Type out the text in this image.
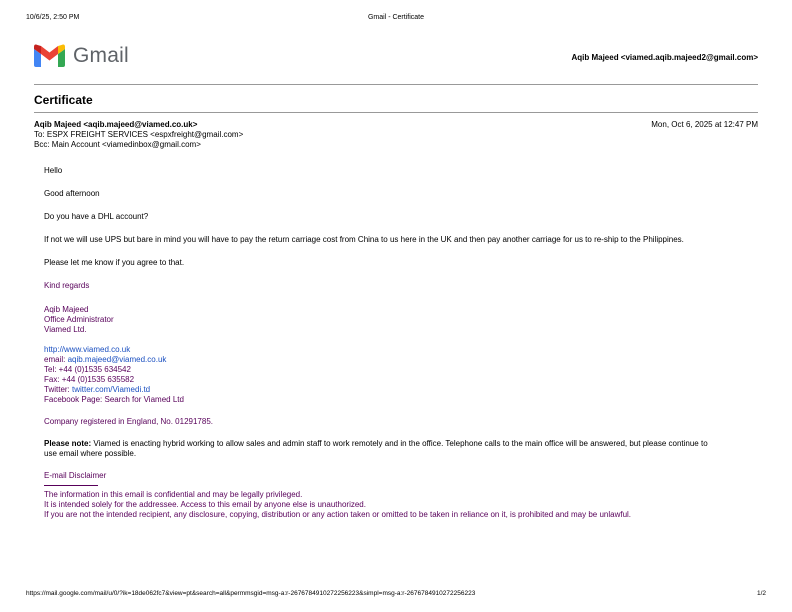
10/6/25, 2:50 PM	Gmail - Certificate
Gmail	Aqib Majeed <viamed.aqib.majeed2@gmail.com>
Certificate
Aqib Majeed <aqib.majeed@viamed.co.uk>	Mon, Oct 6, 2025 at 12:47 PM
To: ESPX FREIGHT SERVICES <espxfreight@gmail.com>
Bcc: Main Account <viamedinbox@gmail.com>

Hello

Good afternoon

Do you have a DHL account?

If not we will use UPS but bare in mind you will have to pay the return carriage cost from China to us here in the UK and then pay another carriage for us to re-ship to the Philippines.

Please let me know if you agree to that.

Kind regards

Aqib Majeed

Office Administrator

Viamed Ltd.

http://www.viamed.co.uk

email: aqib.majeed@viamed.co.uk

Tel: +44 (0)1535 634542

Fax: +44 (0)1535 635582

Twitter: twitter.com/Viamedi.td

Facebook Page: Search for Viamed Ltd

Company registered in England, No. 01291785.

Please note: Viamed is enacting hybrid working to allow sales and admin staff to work remotely and in the office. Telephone calls to the main office will be answered, but please continue to use email where possible.

E-mail Disclaimer

The information in this email is confidential and may be legally privileged.

It is intended solely for the addressee. Access to this email by anyone else is unauthorized.

If you are not the intended recipient, any disclosure, copying, distribution or any action taken or omitted to be taken in reliance on it, is prohibited and may be unlawful.

https://mail.google.com/mail/u/0/?ik=18de062fc7&view=pt&search=all&permmsgid=msg-a:r-2676784910272256223&simpl=msg-a:r-2676784910272256223	1/2
